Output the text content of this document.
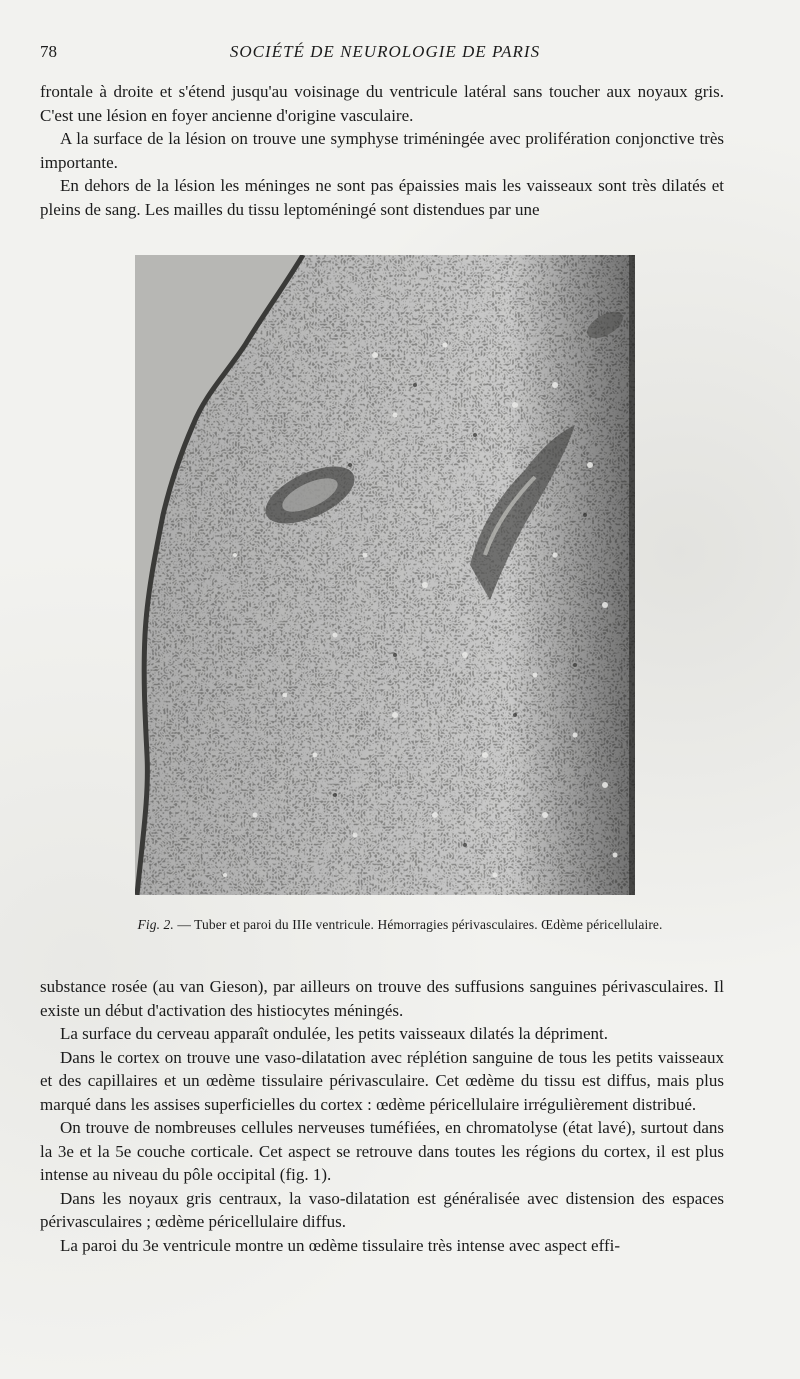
78	SOCIÉTÉ DE NEUROLOGIE DE PARIS

frontale à droite et s'étend jusqu'au voisinage du ventricule latéral sans toucher aux noyaux gris. C'est une lésion en foyer ancienne d'origine vasculaire.

A la surface de la lésion on trouve une symphyse triméningée avec prolifération conjonctive très importante.

En dehors de la lésion les méninges ne sont pas épaissies mais les vaisseaux sont très dilatés et pleins de sang. Les mailles du tissu leptoméningé sont distendues par une

Fig. 2. — Tuber et paroi du IIIe ventricule. Hémorragies périvasculaires. Œdème péricellulaire.

substance rosée (au van Gieson), par ailleurs on trouve des suffusions sanguines périvasculaires. Il existe un début d'activation des histiocytes méningés.

La surface du cerveau apparaît ondulée, les petits vaisseaux dilatés la dépriment.

Dans le cortex on trouve une vaso-dilatation avec réplétion sanguine de tous les petits vaisseaux et des capillaires et un œdème tissulaire périvasculaire. Cet œdème du tissu est diffus, mais plus marqué dans les assises superficielles du cortex : œdème péricellulaire irrégulièrement distribué.

On trouve de nombreuses cellules nerveuses tuméfiées, en chromatolyse (état lavé), surtout dans la 3e et la 5e couche corticale. Cet aspect se retrouve dans toutes les régions du cortex, il est plus intense au niveau du pôle occipital (fig. 1).

Dans les noyaux gris centraux, la vaso-dilatation est généralisée avec distension des espaces périvasculaires ; œdème péricellulaire diffus.

La paroi du 3e ventricule montre un œdème tissulaire très intense avec aspect effi-
